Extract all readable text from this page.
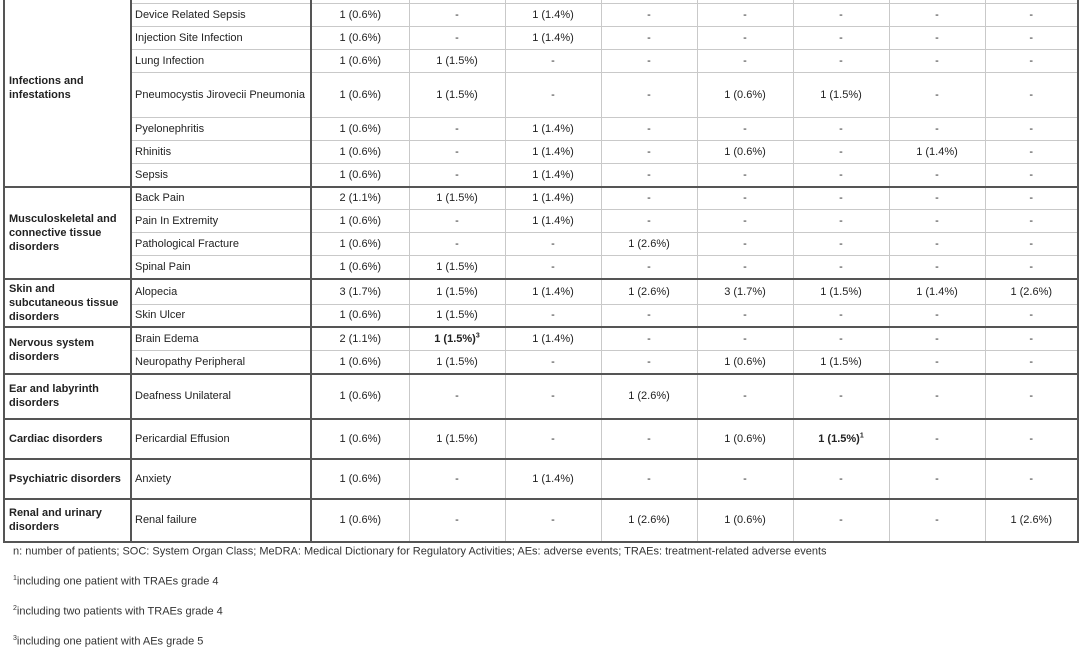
Infections and infestations									
	Device Related Sepsis	1 (0.6%)	-	1 (1.4%)	-	-	-	-	-
	Injection Site Infection	1 (0.6%)	-	1 (1.4%)	-	-	-	-	-
	Lung Infection	1 (0.6%)	1 (1.5%)	-	-	-	-	-	-
	Pneumocystis Jirovecii Pneumonia	1 (0.6%)	1 (1.5%)	-	-	1 (0.6%)	1 (1.5%)	-	-
	Pyelonephritis	1 (0.6%)	-	1 (1.4%)	-	-	-	-	-
	Rhinitis	1 (0.6%)	-	1 (1.4%)	-	1 (0.6%)	-	1 (1.4%)	-
	Sepsis	1 (0.6%)	-	1 (1.4%)	-	-	-	-	-
Musculoskeletal and connective tissue disorders	Back Pain	2 (1.1%)	1 (1.5%)	1 (1.4%)	-	-	-	-	-
	Pain In Extremity	1 (0.6%)	-	1 (1.4%)	-	-	-	-	-
	Pathological Fracture	1 (0.6%)	-	-	1 (2.6%)	-	-	-	-
	Spinal Pain	1 (0.6%)	1 (1.5%)	-	-	-	-	-	-
Skin and subcutaneous tissue disorders	Alopecia	3 (1.7%)	1 (1.5%)	1 (1.4%)	1 (2.6%)	3 (1.7%)	1 (1.5%)	1 (1.4%)	1 (2.6%)
	Skin Ulcer	1 (0.6%)	1 (1.5%)	-	-	-	-	-	-
Nervous system disorders	Brain Edema	2 (1.1%)	1 $(1.5\%)^3$	1 (1.4%)	-	-	-	-	-
	Neuropathy Peripheral	1 (0.6%)	1 (1.5%)	-	-	1 (0.6%)	1 (1.5%)	-	-
Ear and labyrinth disorders	Deafness Unilateral	1 (0.6%)	-	-	1 (2.6%)	-	-	-	-
Cardiac disorders	Pericardial Effusion	1 (0.6%)	1 (1.5%)	-	-	1 (0.6%)	1 $(1.5\%)^1$	-	-
Psychiatric disorders	Anxiety	1 (0.6%)	-	1 (1.4%)	-	-	-	-	-
Renal and urinary disorders	Renal failure	1 (0.6%)	-	-	1 (2.6%)	1 (0.6%)	-	-	1 (2.6%)
n: number of patients; SOC: System Organ Class; MeDRA: Medical Dictionary for Regulatory Activities; AEs: adverse events; TRAEs: treatment-related adverse events
$^1$including one patient with TRAEs grade 4
$^2$including two patients with TRAEs grade 4
$^3$including one patient with AEs grade 5
